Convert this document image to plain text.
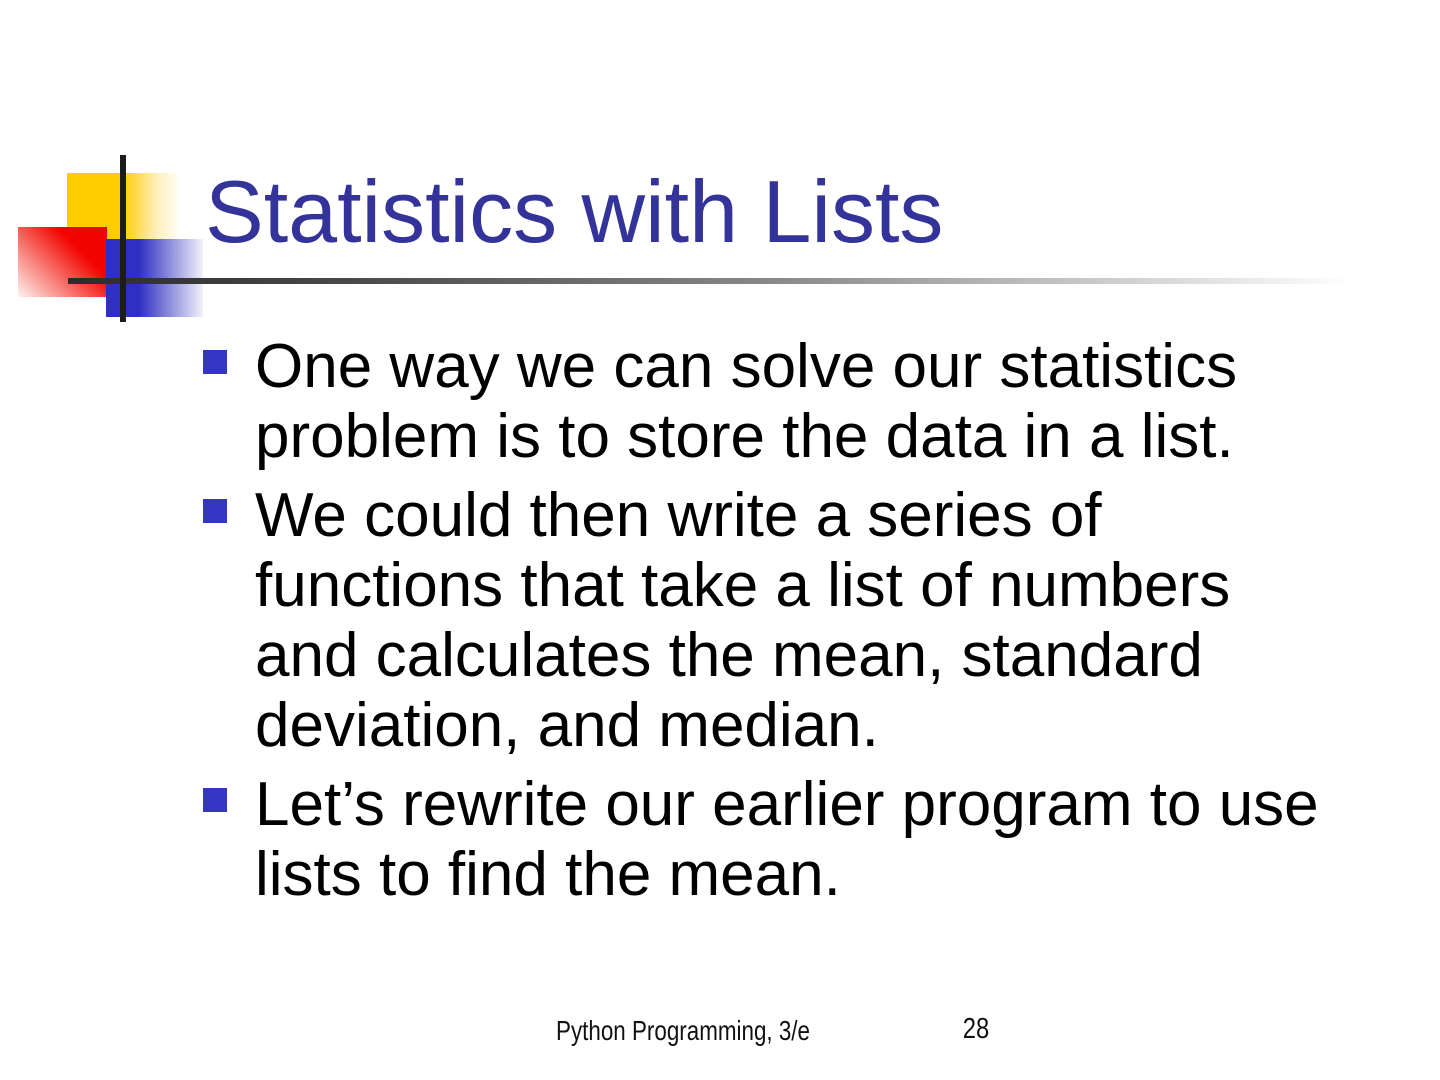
Statistics with Lists
One way we can solve our statistics
problem is to store the data in a list.
We could then write a series of
functions that take a list of numbers
and calculates the mean, standard
deviation, and median.
Let’s rewrite our earlier program to use
lists to find the mean.
Python Programming, 3/e	28
